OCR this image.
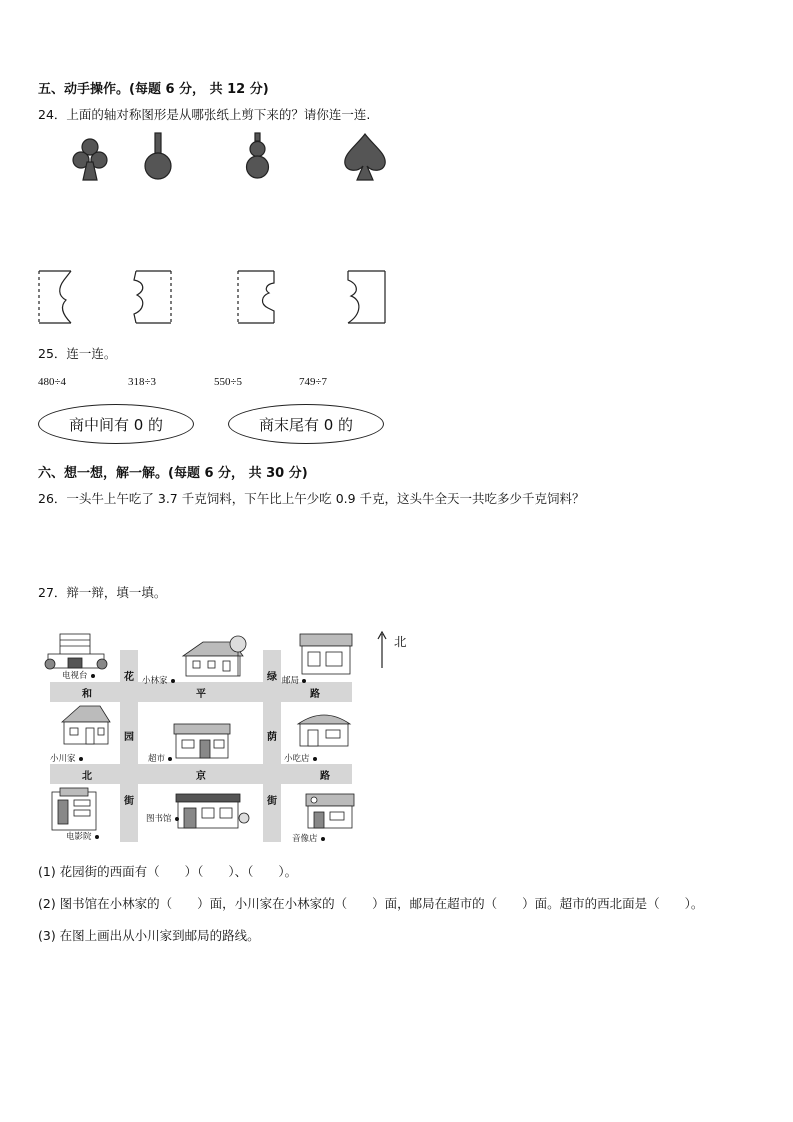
五、动手操作。(每题 6 分， 共 12 分)
24．上面的轴对称图形是从哪张纸上剪下来的？请你连一连.
25．连一连。
480÷4	318÷3	550÷5	749÷7
商中间有 0 的	商末尾有 0 的
六、想一想，解一解。(每题 6 分， 共 30 分)
26．一头牛上午吃了 3.7 千克饲料，下午比上午少吃 0.9 千克，这头牛全天一共吃多少千克饲料？
27．辩一辩，填一填。
北
电视台	小林家	邮局
小川家	超市	小吃店
电影院
图书馆
音像店
花
园
街
绿
荫
街
和	平	路
北	京	路
(1) 花园街的西面有（　　）（　　）、（　　）。
(2) 图书馆在小林家的（　　）面，小川家在小林家的（　　）面，邮局在超市的（　　）面。超市的西北面是（　　）。
(3) 在图上画出从小川家到邮局的路线。
